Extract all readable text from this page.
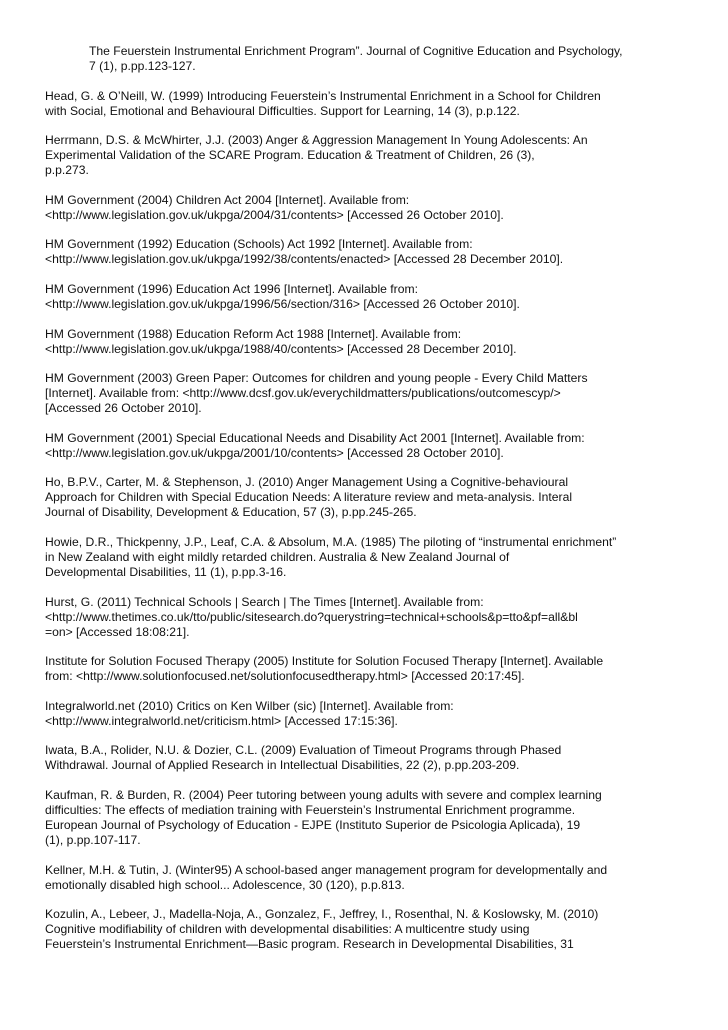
The Feuerstein Instrumental Enrichment Program”. Journal of Cognitive Education and Psychology,
7 (1), p.pp.123-127.
Head, G. & O’Neill, W. (1999) Introducing Feuerstein’s Instrumental Enrichment in a School for Children
with Social, Emotional and Behavioural Difficulties. Support for Learning, 14 (3), p.p.122.
Herrmann, D.S. & McWhirter, J.J. (2003) Anger & Aggression Management In Young Adolescents: An
Experimental Validation of the SCARE Program. Education & Treatment of Children, 26 (3),
p.p.273.
HM Government (2004) Children Act 2004 [Internet]. Available from:
<http://www.legislation.gov.uk/ukpga/2004/31/contents> [Accessed 26 October 2010].
HM Government (1992) Education (Schools) Act 1992 [Internet]. Available from:
<http://www.legislation.gov.uk/ukpga/1992/38/contents/enacted> [Accessed 28 December 2010].
HM Government (1996) Education Act 1996 [Internet]. Available from:
<http://www.legislation.gov.uk/ukpga/1996/56/section/316> [Accessed 26 October 2010].
HM Government (1988) Education Reform Act 1988 [Internet]. Available from:
<http://www.legislation.gov.uk/ukpga/1988/40/contents> [Accessed 28 December 2010].
HM Government (2003) Green Paper: Outcomes for children and young people - Every Child Matters
[Internet]. Available from: <http://www.dcsf.gov.uk/everychildmatters/publications/outcomescyp/>
[Accessed 26 October 2010].
HM Government (2001) Special Educational Needs and Disability Act 2001 [Internet]. Available from:
<http://www.legislation.gov.uk/ukpga/2001/10/contents> [Accessed 28 October 2010].
Ho, B.P.V., Carter, M. & Stephenson, J. (2010) Anger Management Using a Cognitive-behavioural
Approach for Children with Special Education Needs: A literature review and meta-analysis. Interal
Journal of Disability, Development & Education, 57 (3), p.pp.245-265.
Howie, D.R., Thickpenny, J.P., Leaf, C.A. & Absolum, M.A. (1985) The piloting of “instrumental enrichment”
in New Zealand with eight mildly retarded children. Australia & New Zealand Journal of
Developmental Disabilities, 11 (1), p.pp.3-16.
Hurst, G. (2011) Technical Schools | Search | The Times [Internet]. Available from:
<http://www.thetimes.co.uk/tto/public/sitesearch.do?querystring=technical+schools&p=tto&pf=all&bl
=on> [Accessed 18:08:21].
Institute for Solution Focused Therapy (2005) Institute for Solution Focused Therapy [Internet]. Available
from: <http://www.solutionfocused.net/solutionfocusedtherapy.html> [Accessed 20:17:45].
Integralworld.net (2010) Critics on Ken Wilber (sic) [Internet]. Available from:
<http://www.integralworld.net/criticism.html> [Accessed 17:15:36].
Iwata, B.A., Rolider, N.U. & Dozier, C.L. (2009) Evaluation of Timeout Programs through Phased
Withdrawal. Journal of Applied Research in Intellectual Disabilities, 22 (2), p.pp.203-209.
Kaufman, R. & Burden, R. (2004) Peer tutoring between young adults with severe and complex learning
difficulties: The effects of mediation training with Feuerstein’s Instrumental Enrichment programme.
European Journal of Psychology of Education - EJPE (Instituto Superior de Psicologia Aplicada), 19
(1), p.pp.107-117.
Kellner, M.H. & Tutin, J. (Winter95) A school-based anger management program for developmentally and
emotionally disabled high school... Adolescence, 30 (120), p.p.813.
Kozulin, A., Lebeer, J., Madella-Noja, A., Gonzalez, F., Jeffrey, I., Rosenthal, N. & Koslowsky, M. (2010)
Cognitive modifiability of children with developmental disabilities: A multicentre study using
Feuerstein’s Instrumental Enrichment—Basic program. Research in Developmental Disabilities, 31
